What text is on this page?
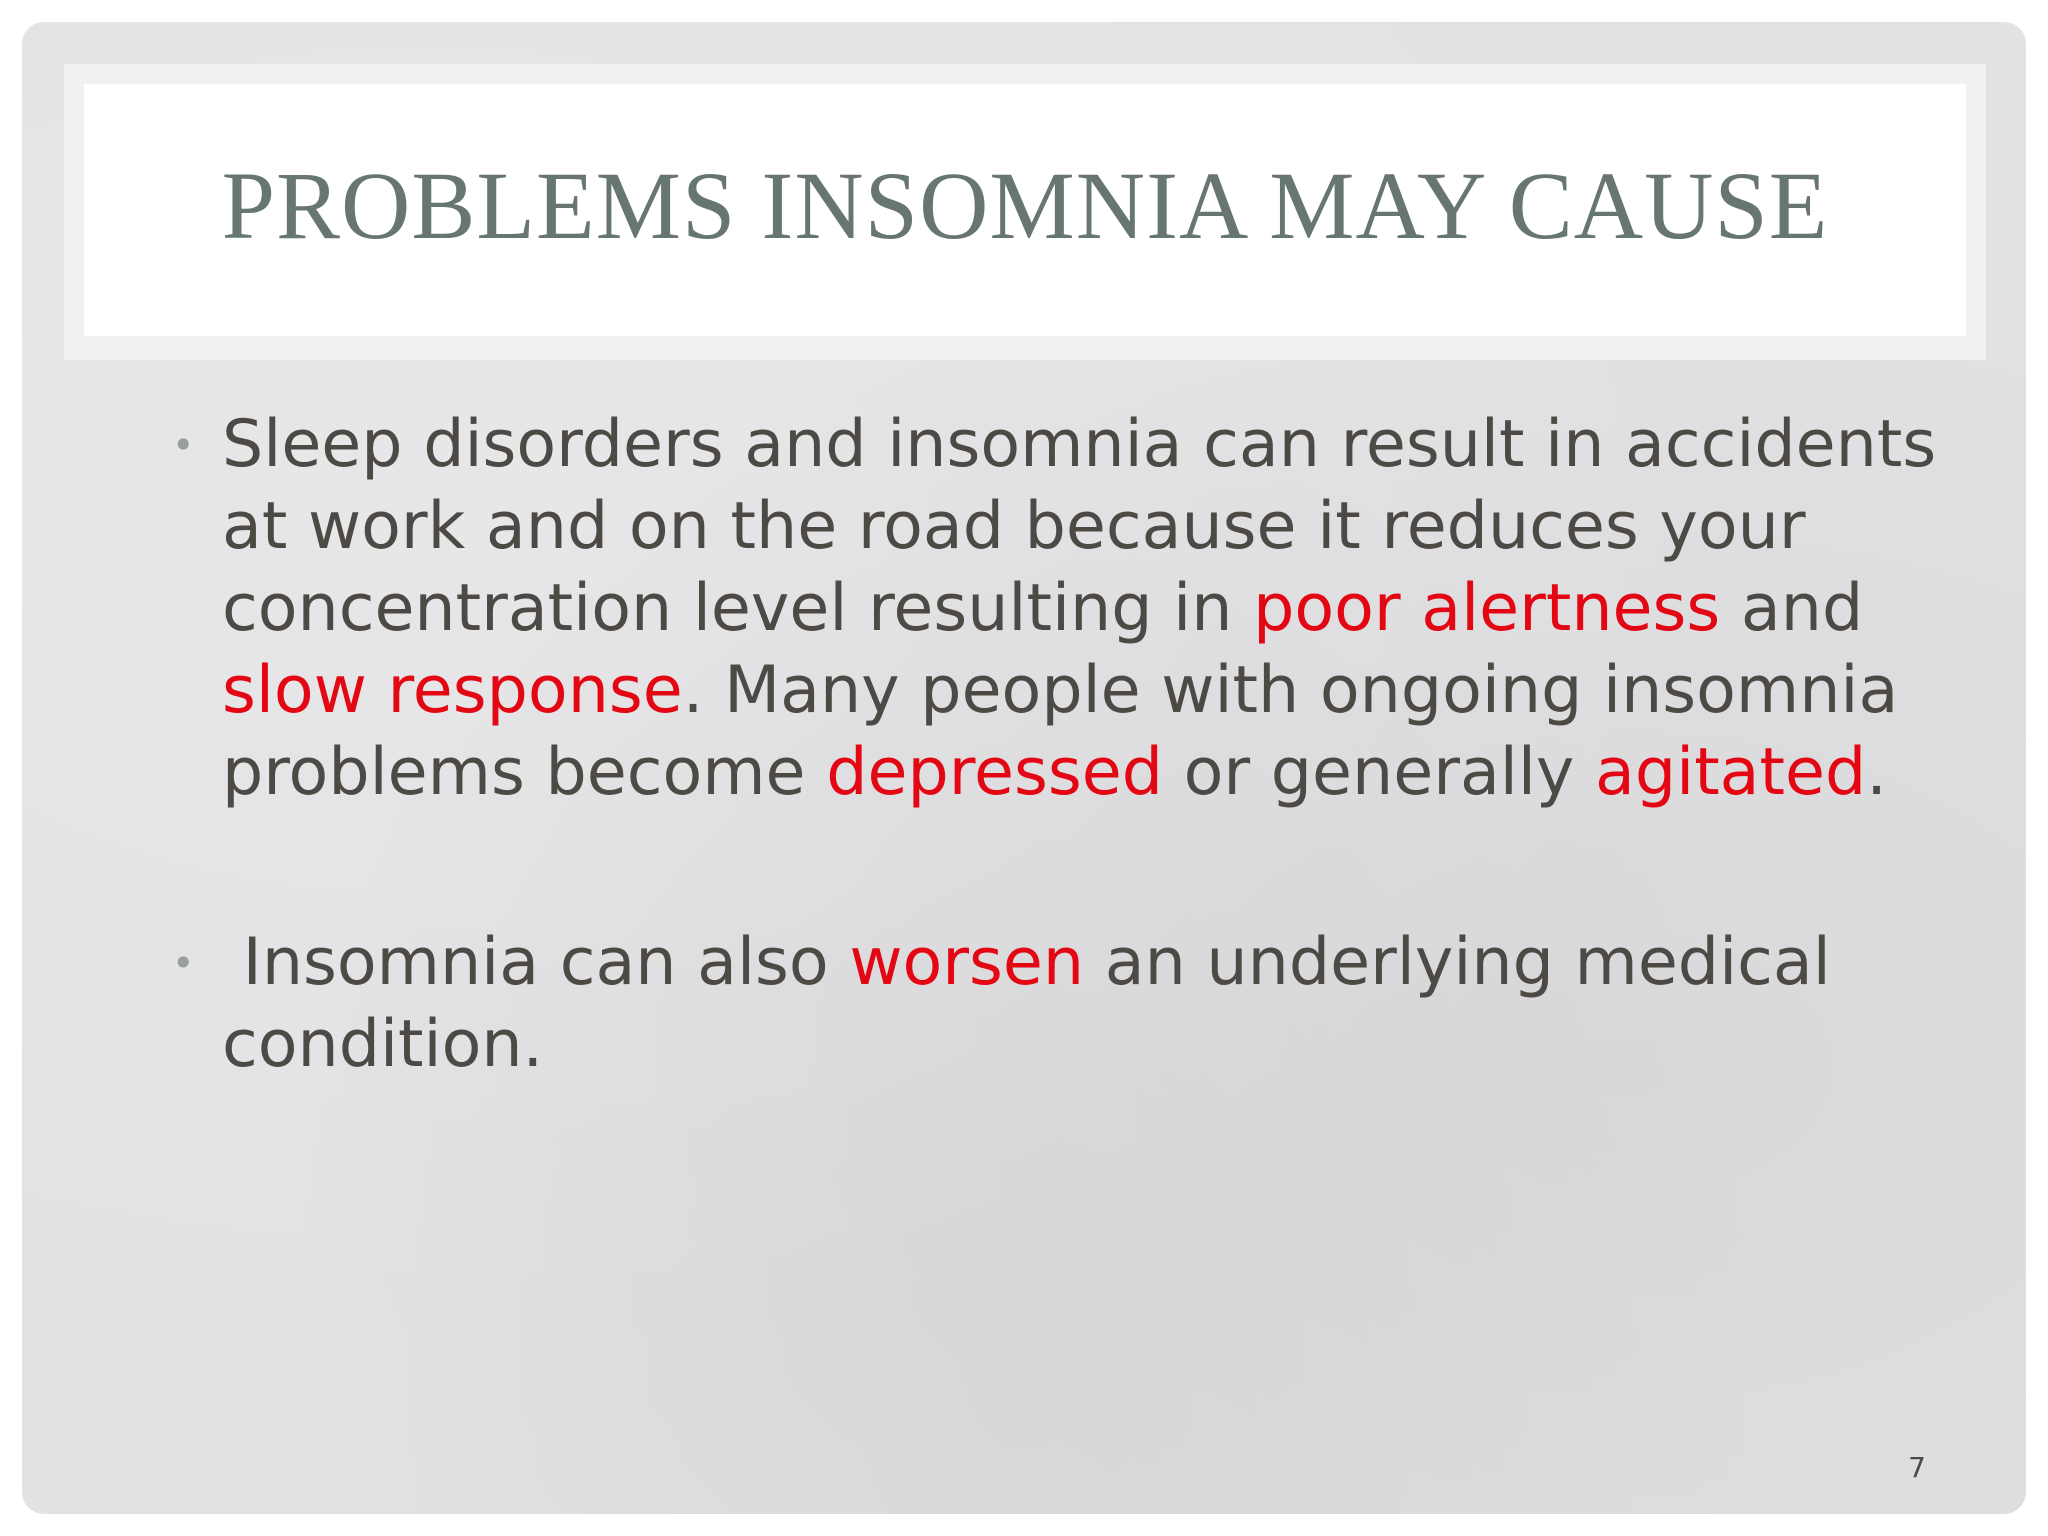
PROBLEMS INSOMNIA MAY CAUSE
• Sleep disorders and insomnia can result in accidents at work and on the road because it reduces your concentration level resulting in poor alertness and slow response. Many people with ongoing insomnia problems become depressed or generally agitated.
• Insomnia can also worsen an underlying medical condition.
7
